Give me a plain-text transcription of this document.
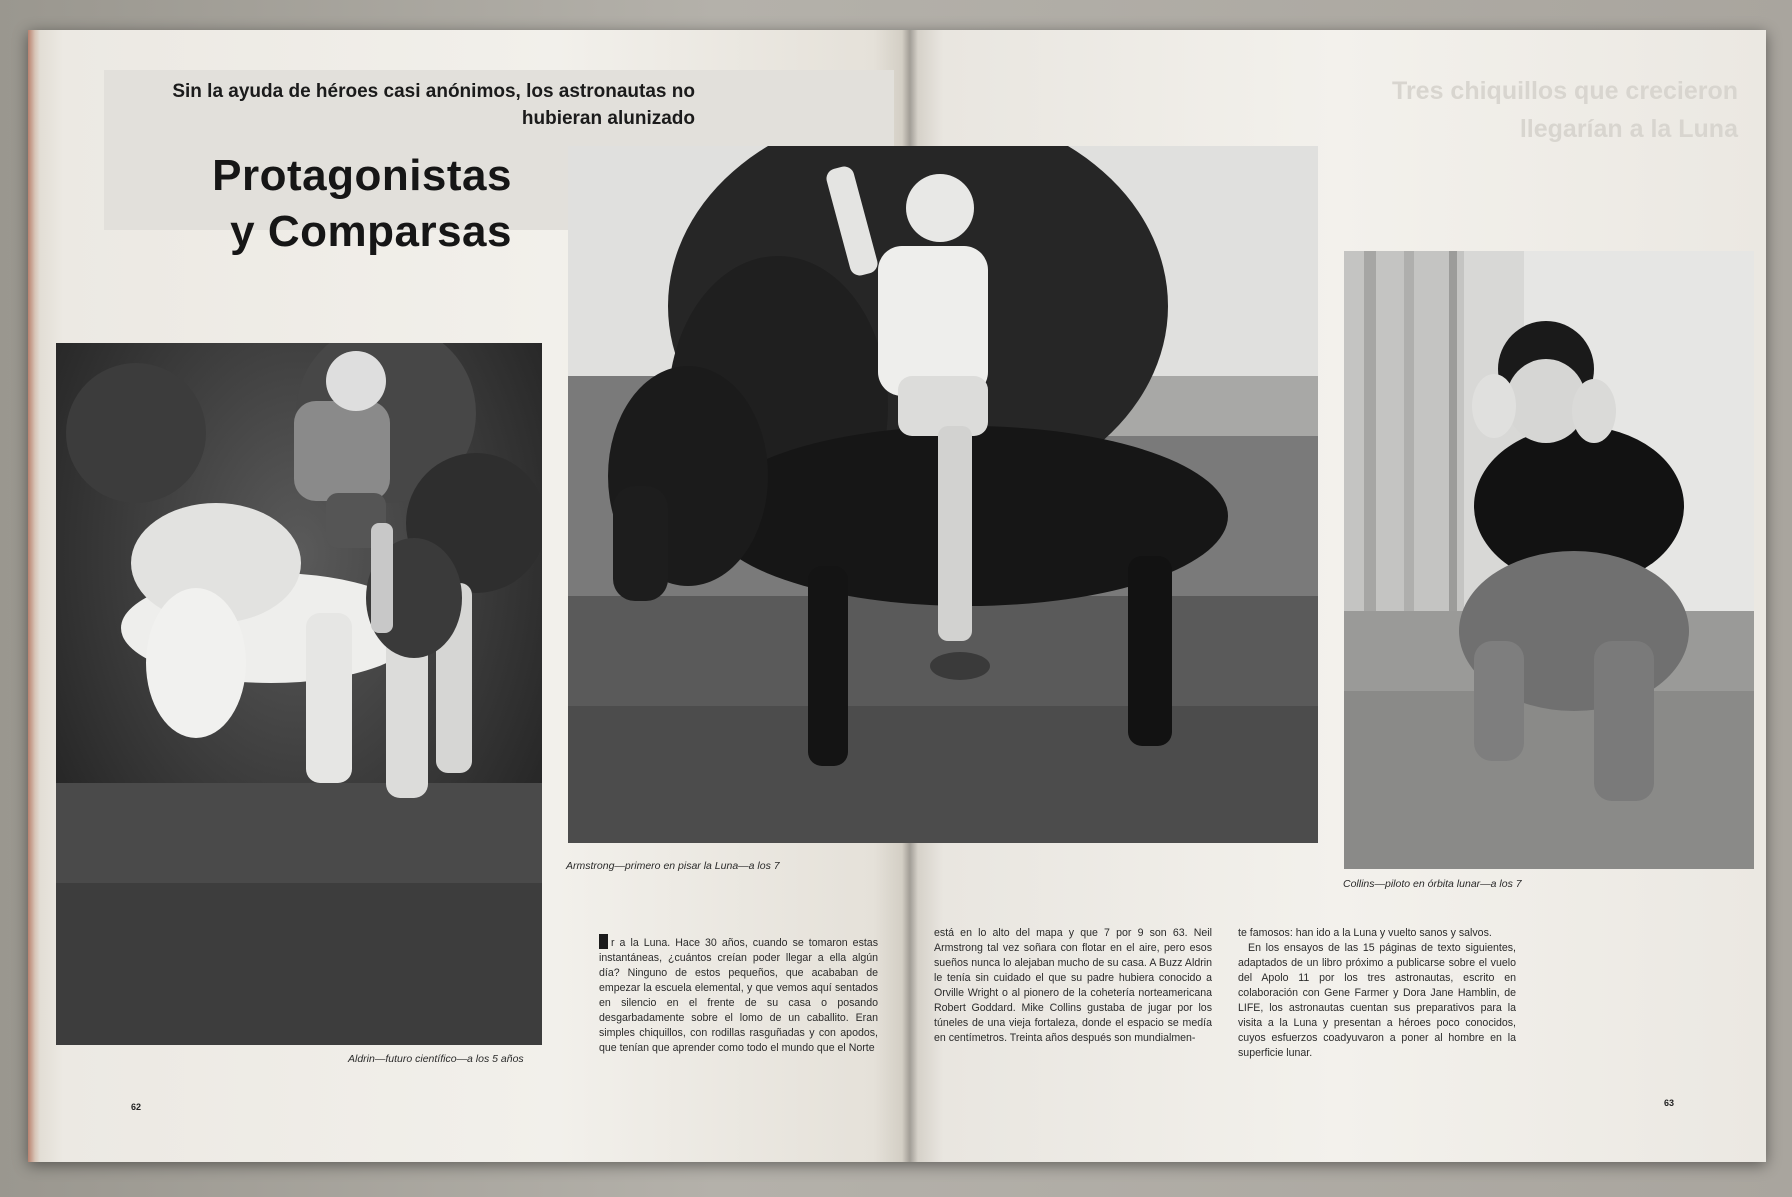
Tres chiquillos que crecieron
llegarían a la Luna

Sin la ayuda de héroes casi anónimos, los astronautas no hubieran alunizado

Protagonistas
y Comparsas

Aldrin—futuro científico—a los 5 años

Armstrong—primero en pisar la Luna—a los 7

Collins—piloto en órbita lunar—a los 7

r a la Luna. Hace 30 años, cuando se tomaron estas instantáneas, ¿cuántos creían poder llegar a ella algún día? Ninguno de estos pequeños, que acababan de empezar la escuela elemental, y que vemos aquí sentados en silencio en el frente de su casa o posando desgarbadamente sobre el lomo de un caballito. Eran simples chiquillos, con rodillas rasguñadas y con apodos, que tenían que aprender como todo el mundo que el Norte

está en lo alto del mapa y que 7 por 9 son 63. Neil Armstrong tal vez soñara con flotar en el aire, pero esos sueños nunca lo alejaban mucho de su casa. A Buzz Aldrin le tenía sin cuidado el que su padre hubiera conocido a Orville Wright o al pionero de la cohetería norteamericana Robert Goddard. Mike Collins gustaba de jugar por los túneles de una vieja fortaleza, donde el espacio se medía en centímetros. Treinta años después son mundialmen-

te famosos: han ido a la Luna y vuelto sanos y salvos.

En los ensayos de las 15 páginas de texto siguientes, adaptados de un libro próximo a publicarse sobre el vuelo del Apolo 11 por los tres astronautas, escrito en colaboración con Gene Farmer y Dora Jane Hamblin, de LIFE, los astronautas cuentan sus preparativos para la visita a la Luna y presentan a héroes poco conocidos, cuyos esfuerzos coadyuvaron a poner al hombre en la superficie lunar.

62	63
